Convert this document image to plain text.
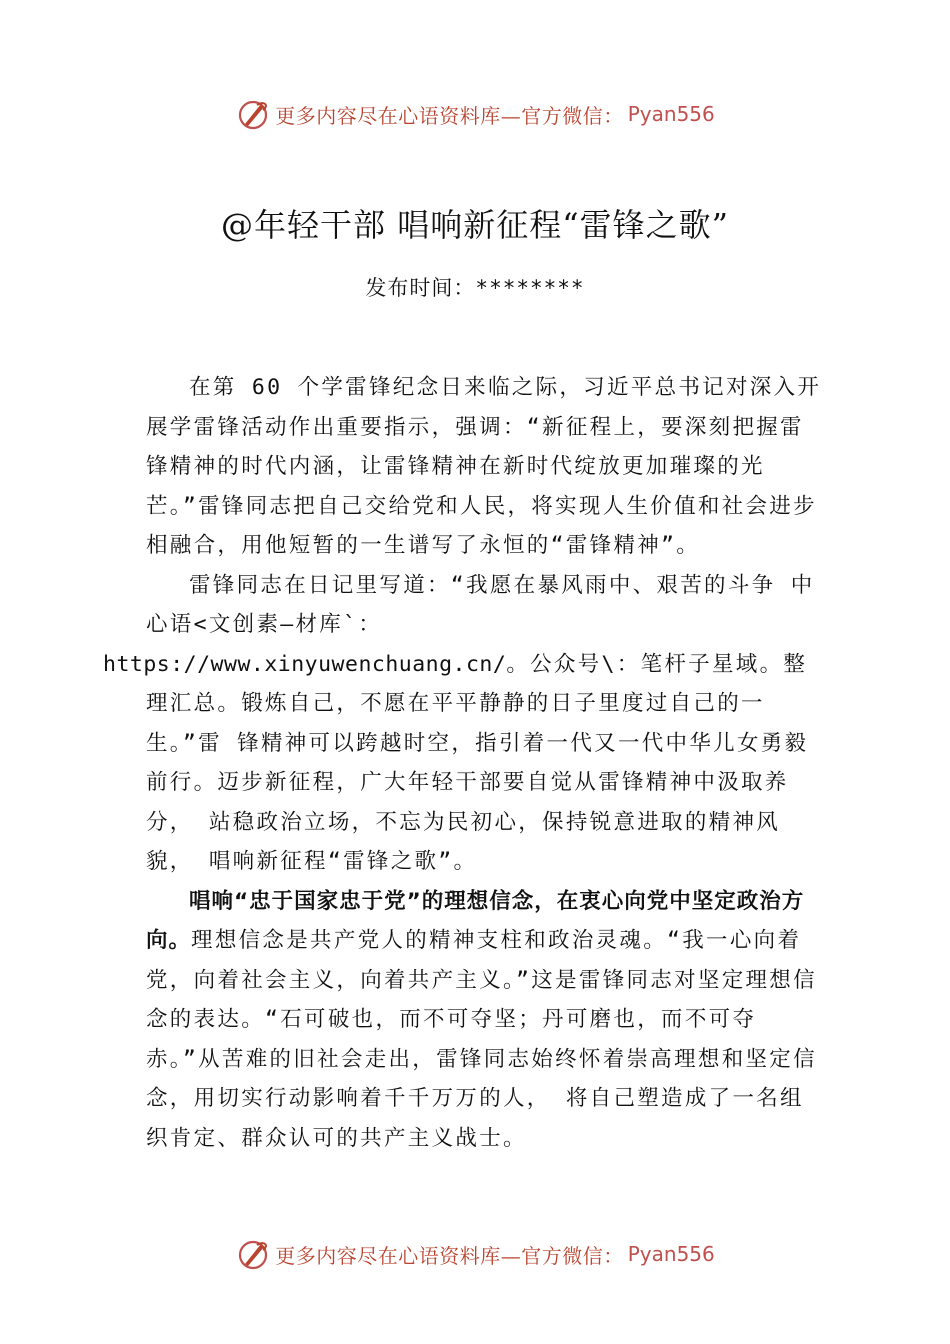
更多内容尽在心语资料库—官方微信： Pyan556
@年轻干部 唱响新征程“雷锋之歌”
发布时间：********

在第 60 个学雷锋纪念日来临之际，习近平总书记对深入开展学雷锋活动作出重要指示，强调：“新征程上，要深刻把握雷锋精神的时代内涵，让雷锋精神在新时代绽放更加璀璨的光芒。”雷锋同志把自己交给党和人民，将实现人生价值和社会进步相融合，用他短暂的一生谱写了永恒的“雷锋精神”。

雷锋同志在日记里写道：“我愿在暴风雨中、艰苦的斗争 中心语<文创素—材库`：
https://www.xinyuwenchuang.cn/。公众号\：笔杆子星域。整理汇总。锻炼自己，不愿在平平静静的日子里度过自己的一生。”雷 锋精神可以跨越时空，指引着一代又一代中华儿女勇毅前行。迈步新征程，广大年轻干部要自觉从雷锋精神中汲取养分， 站稳政治立场，不忘为民初心，保持锐意进取的精神风貌， 唱响新征程“雷锋之歌”。

唱响“忠于国家忠于党”的理想信念，在衷心向党中坚定政治方向。理想信念是共产党人的精神支柱和政治灵魂。“我一心向着党，向着社会主义，向着共产主义。”这是雷锋同志对坚定理想信念的表达。“石可破也，而不可夺坚；丹可磨也，而不可夺赤。”从苦难的旧社会走出，雷锋同志始终怀着崇高理想和坚定信念，用切实行动影响着千千万万的人， 将自己塑造成了一名组织肯定、群众认可的共产主义战士。

更多内容尽在心语资料库—官方微信： Pyan556
